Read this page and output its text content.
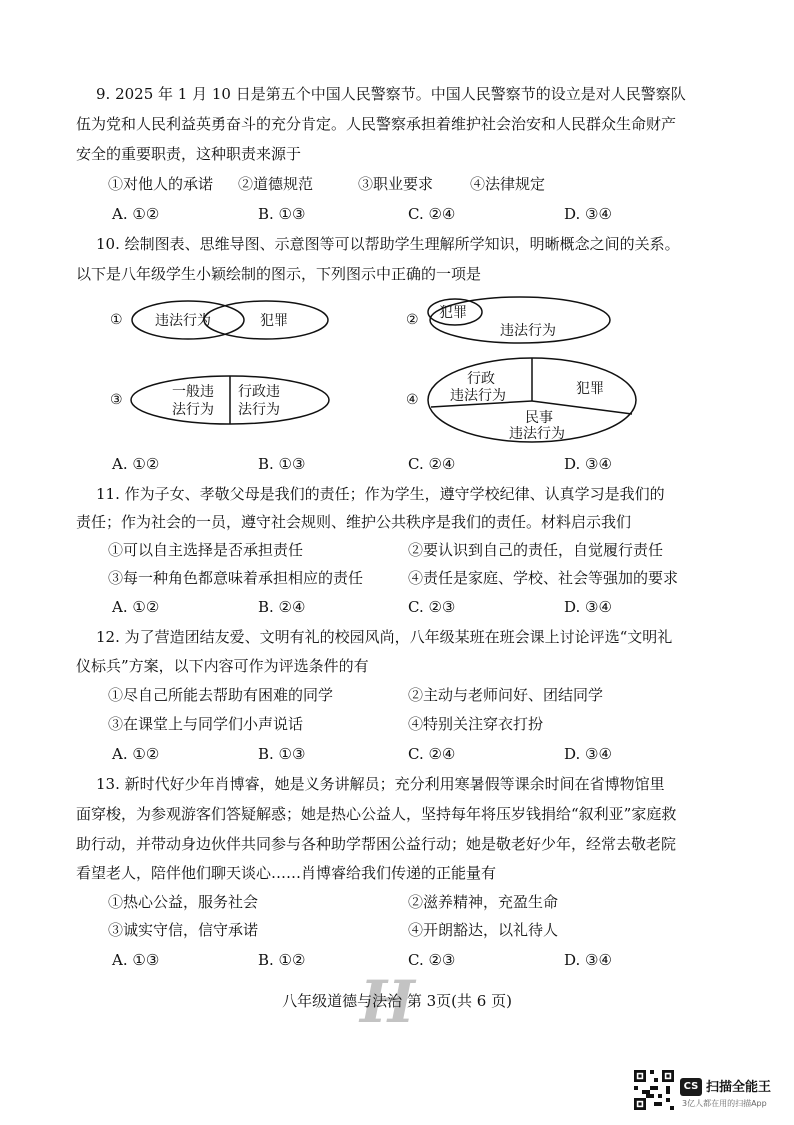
9. 2025 年 1 月 10 日是第五个中国人民警察节。中国人民警察节的设立是对人民警察队
伍为党和人民利益英勇奋斗的充分肯定。人民警察承担着维护社会治安和人民群众生命财产
安全的重要职责，这种职责来源于
①对他人的承诺 ②道德规范	③职业要求 ④法律规定
A. ①②	B. ①③	C. ②④	D. ③④
10. 绘制图表、思维导图、示意图等可以帮助学生理解所学知识，明晰概念之间的关系。
以下是八年级学生小颖绘制的图示，下列图示中正确的一项是
① 违法行为	犯罪	② 犯罪
违法行为
③	一般违
法行为
行政违
法行为
④
行政
违法行为	犯罪
民事
违法行为
A. ①②	B. ①③	C. ②④	D. ③④
11. 作为子女、孝敬父母是我们的责任；作为学生，遵守学校纪律、认真学习是我们的
责任；作为社会的一员，遵守社会规则、维护公共秩序是我们的责任。材料启示我们
①可以自主选择是否承担责任	②要认识到自己的责任，自觉履行责任
③每一种角色都意味着承担相应的责任	④责任是家庭、学校、社会等强加的要求
A. ①②	B. ②④	C. ②③	D. ③④
12. 为了营造团结友爱、文明有礼的校园风尚，八年级某班在班会课上讨论评选“文明礼
仪标兵”方案，以下内容可作为评选条件的有
①尽自己所能去帮助有困难的同学	②主动与老师问好、团结同学
③在课堂上与同学们小声说话	④特别关注穿衣打扮
A. ①②	B. ①③	C. ②④	D. ③④
13. 新时代好少年肖博睿，她是义务讲解员；充分利用寒暑假等课余时间在省博物馆里
面穿梭，为参观游客们答疑解惑；她是热心公益人，坚持每年将压岁钱捐给“叙利亚”家庭救
助行动，并带动身边伙伴共同参与各种助学帮困公益行动；她是敬老好少年，经常去敬老院
看望老人，陪伴他们聊天谈心……肖博睿给我们传递的正能量有
①热心公益，服务社会	②滋养精神，充盈生命
③诚实守信，信守承诺	④开朗豁达，以礼待人
A. ①③	B. ①②	C. ②③	D. ③④
H
八年级道德与法治 第 3页(共 6 页)
CS 扫描全能王
3亿人都在用的扫描App
